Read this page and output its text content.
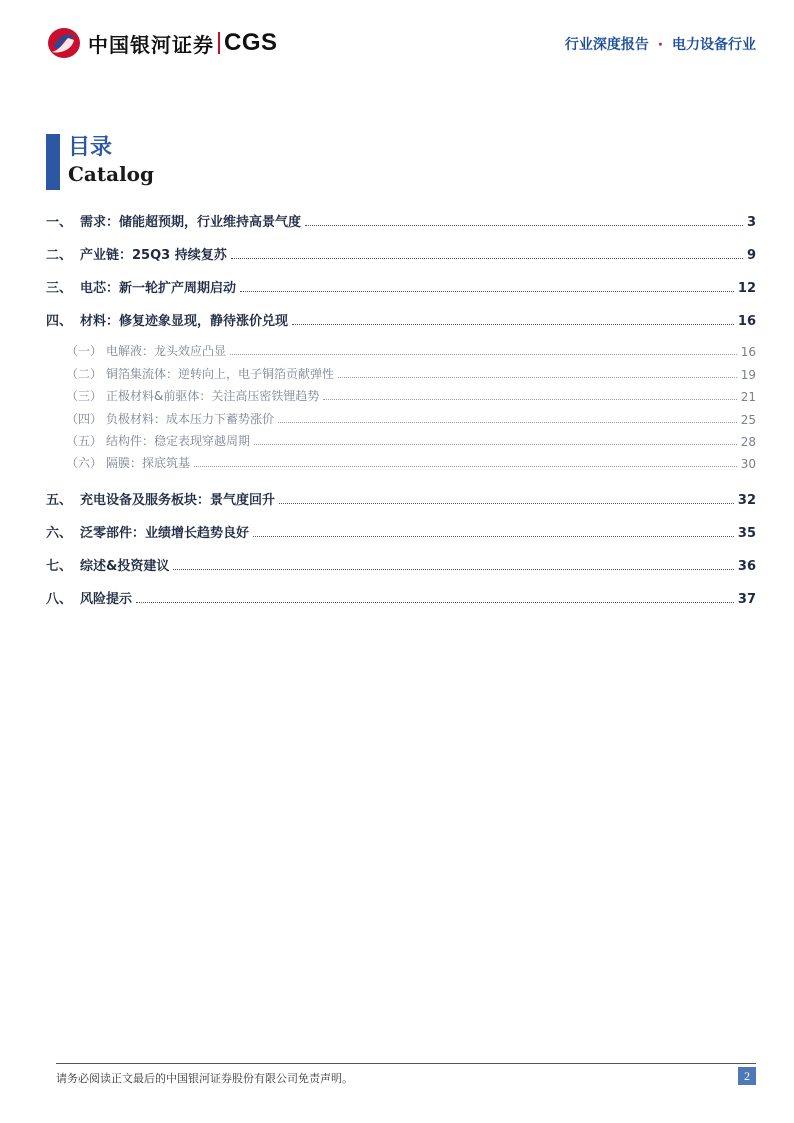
中国银河证券 CGS	行业深度报告 · 电力设备行业
目录
Catalog
一、 需求：储能超预期，行业维持高景气度	3
二、 产业链：25Q3 持续复苏	9
三、 电芯：新一轮扩产周期启动	12
四、 材料：修复迹象显现，静待涨价兑现	16
（一） 电解液：龙头效应凸显	16
（二） 铜箔集流体：逆转向上，电子铜箔贡献弹性	19
（三） 正极材料&前驱体：关注高压密铁锂趋势	21
（四） 负极材料：成本压力下蓄势涨价	25
（五） 结构件：稳定表现穿越周期	28
（六） 隔膜：探底筑基	30
五、 充电设备及服务板块：景气度回升	32
六、 泛零部件：业绩增长趋势良好	35
七、 综述&投资建议	36
八、 风险提示	37
请务必阅读正文最后的中国银河证券股份有限公司免责声明。	2
